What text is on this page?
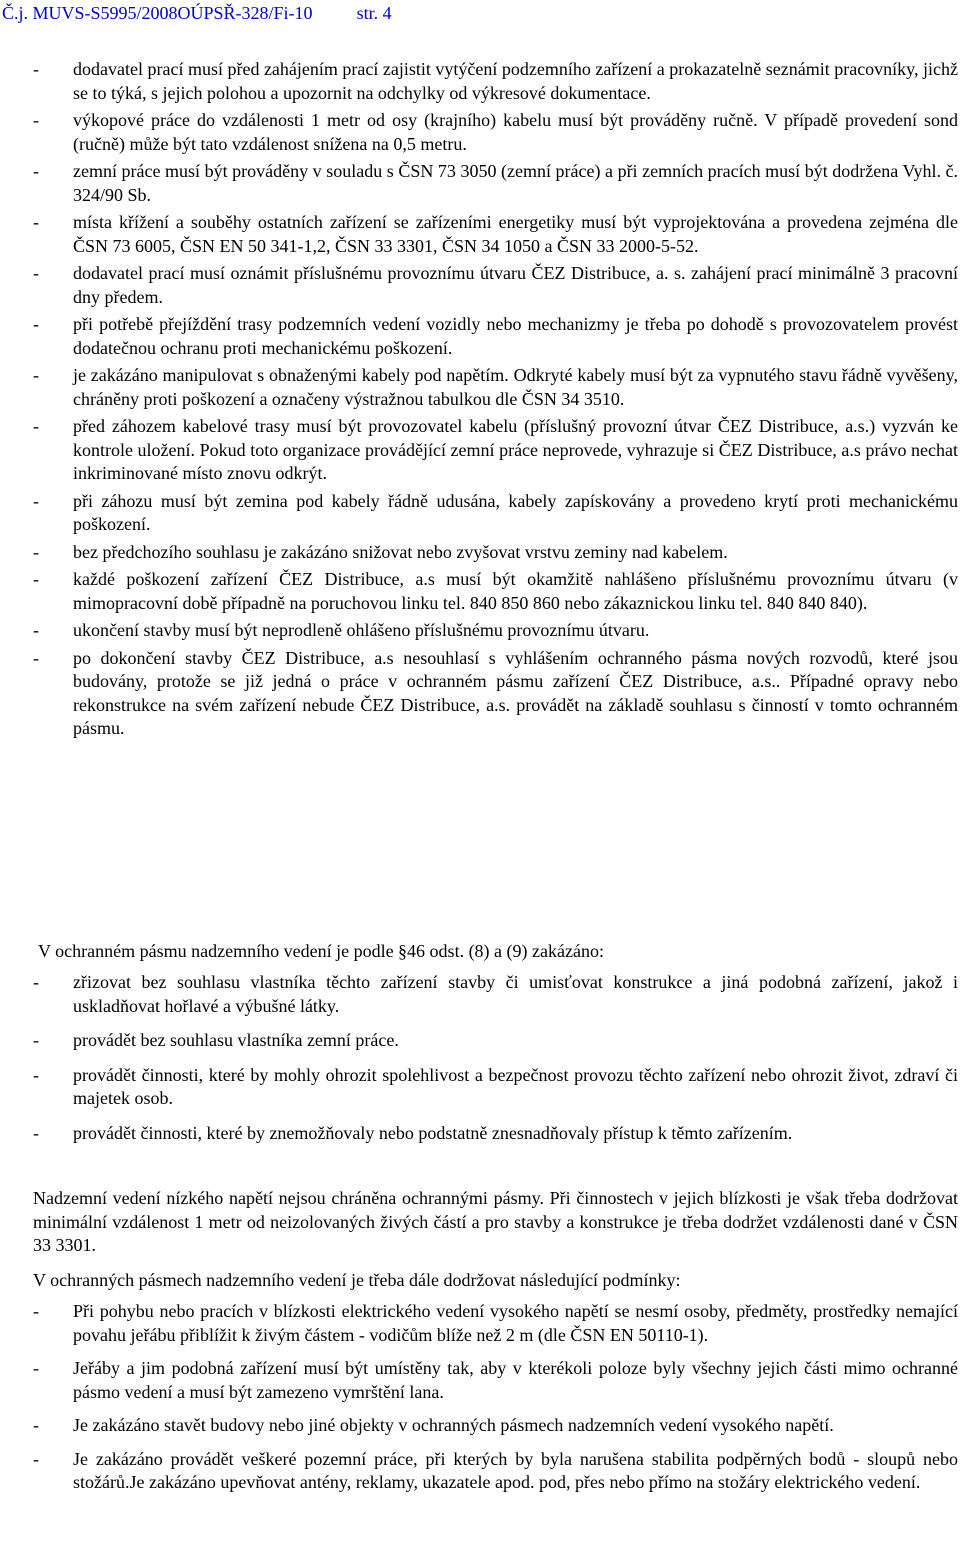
Č.j. MUVS-S5995/2008OÚPSŘ-328/Fi-10 str. 4
- dodavatel prací musí před zahájením prací zajistit vytýčení podzemního zařízení a prokazatelně seznámit pracovníky, jichž se to týká, s jejich polohou a upozornit na odchylky od výkresové dokumentace.
- výkopové práce do vzdálenosti 1 metr od osy (krajního) kabelu musí být prováděny ručně. V případě provedení sond (ručně) může být tato vzdálenost snížena na 0,5 metru.
- zemní práce musí být prováděny v souladu s ČSN 73 3050 (zemní práce) a při zemních pracích musí být dodržena Vyhl. č. 324/90 Sb.
- místa křížení a souběhy ostatních zařízení se zařízeními energetiky musí být vyprojektována a provedena zejména dle ČSN 73 6005, ČSN EN 50 341-1,2, ČSN 33 3301, ČSN 34 1050 a ČSN 33 2000-5-52.
- dodavatel prací musí oznámit příslušnému provoznímu útvaru ČEZ Distribuce, a. s. zahájení prací minimálně 3 pracovní dny předem.
- při potřebě přejíždění trasy podzemních vedení vozidly nebo mechanizmy je třeba po dohodě s provozovatelem provést dodatečnou ochranu proti mechanickému poškození.
- je zakázáno manipulovat s obnaženými kabely pod napětím. Odkryté kabely musí být za vypnutého stavu řádně vyvěšeny, chráněny proti poškození a označeny výstražnou tabulkou dle ČSN 34 3510.
- před záhozem kabelové trasy musí být provozovatel kabelu (příslušný provozní útvar ČEZ Distribuce, a.s.) vyzván ke kontrole uložení. Pokud toto organizace provádějící zemní práce neprovede, vyhrazuje si ČEZ Distribuce, a.s právo nechat inkriminované místo znovu odkrýt.
- při záhozu musí být zemina pod kabely řádně udusána, kabely zapískovány a provedeno krytí proti mechanickému poškození.
- bez předchozího souhlasu je zakázáno snižovat nebo zvyšovat vrstvu zeminy nad kabelem.
- každé poškození zařízení ČEZ Distribuce, a.s musí být okamžitě nahlášeno příslušnému provoznímu útvaru (v mimopracovní době případně na poruchovou linku tel. 840 850 860 nebo zákaznickou linku tel. 840 840 840).
- ukončení stavby musí být neprodleně ohlášeno příslušnému provoznímu útvaru.
- po dokončení stavby ČEZ Distribuce, a.s nesouhlasí s vyhlášením ochranného pásma nových rozvodů, které jsou budovány, protože se již jedná o práce v ochranném pásmu zařízení ČEZ Distribuce, a.s.. Případné opravy nebo rekonstrukce na svém zařízení nebude ČEZ Distribuce, a.s. provádět na základě souhlasu s činností v tomto ochranném pásmu.
V ochranném pásmu nadzemního vedení je podle §46 odst. (8) a (9) zakázáno:
- zřizovat bez souhlasu vlastníka těchto zařízení stavby či umisťovat konstrukce a jiná podobná zařízení, jakož i uskladňovat hořlavé a výbušné látky.
- provádět bez souhlasu vlastníka zemní práce.
- provádět činnosti, které by mohly ohrozit spolehlivost a bezpečnost provozu těchto zařízení nebo ohrozit život, zdraví či majetek osob.
- provádět činnosti, které by znemožňovaly nebo podstatně znesnadňovaly přístup k těmto zařízením.

Nadzemní vedení nízkého napětí nejsou chráněna ochrannými pásmy. Při činnostech v jejich blízkosti je však třeba dodržovat minimální vzdálenost 1 metr od neizolovaných živých částí a pro stavby a konstrukce je třeba dodržet vzdálenosti dané v ČSN 33 3301.

V ochranných pásmech nadzemního vedení je třeba dále dodržovat následující podmínky:

- Při pohybu nebo pracích v blízkosti elektrického vedení vysokého napětí se nesmí osoby, předměty, prostředky nemající povahu jeřábu přiblížit k živým částem - vodičům blíže než 2 m (dle ČSN EN 50110-1).
- Jeřáby a jim podobná zařízení musí být umístěny tak, aby v kterékoli poloze byly všechny jejich části mimo ochranné pásmo vedení a musí být zamezeno vymrštění lana.
- Je zakázáno stavět budovy nebo jiné objekty v ochranných pásmech nadzemních vedení vysokého napětí.
- Je zakázáno provádět veškeré pozemní práce, při kterých by byla narušena stabilita podpěrných bodů - sloupů nebo stožárů.Je zakázáno upevňovat antény, reklamy, ukazatele apod. pod, přes nebo přímo na stožáry elektrického vedení.
